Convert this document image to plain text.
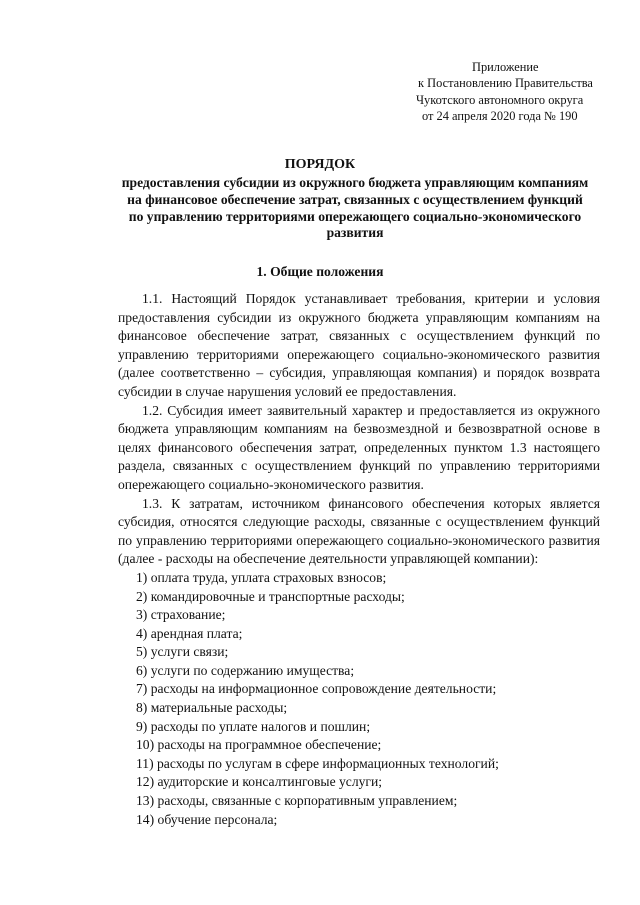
Приложение
к Постановлению Правительства
Чукотского автономного округа
от 24 апреля 2020 года № 190
ПОРЯДОК
предоставления субсидии из окружного бюджета управляющим компаниям на финансовое обеспечение затрат, связанных с осуществлением функций по управлению территориями опережающего социально-экономического развития
1. Общие положения

1.1. Настоящий Порядок устанавливает требования, критерии и условия предоставления субсидии из окружного бюджета управляющим компаниям на финансовое обеспечение затрат, связанных с осуществлением функций по управлению территориями опережающего социально-экономического развития (далее соответственно – субсидия, управляющая компания) и порядок возврата субсидии в случае нарушения условий ее предоставления.

1.2. Субсидия имеет заявительный характер и предоставляется из окружного бюджета управляющим компаниям на безвозмездной и безвозвратной основе в целях финансового обеспечения затрат, определенных пунктом 1.3 настоящего раздела, связанных с осуществлением функций по управлению территориями опережающего социально-экономического развития.

1.3. К затратам, источником финансового обеспечения которых является субсидия, относятся следующие расходы, связанные с осуществлением функций по управлению территориями опережающего социально-экономического развития (далее - расходы на обеспечение деятельности управляющей компании):

1) оплата труда, уплата страховых взносов;
2) командировочные и транспортные расходы;
3) страхование;
4) арендная плата;
5) услуги связи;
6) услуги по содержанию имущества;
7) расходы на информационное сопровождение деятельности;
8) материальные расходы;
9) расходы по уплате налогов и пошлин;
10) расходы на программное обеспечение;
11) расходы по услугам в сфере информационных технологий;
12) аудиторские и консалтинговые услуги;
13) расходы, связанные с корпоративным управлением;
14) обучение персонала;
